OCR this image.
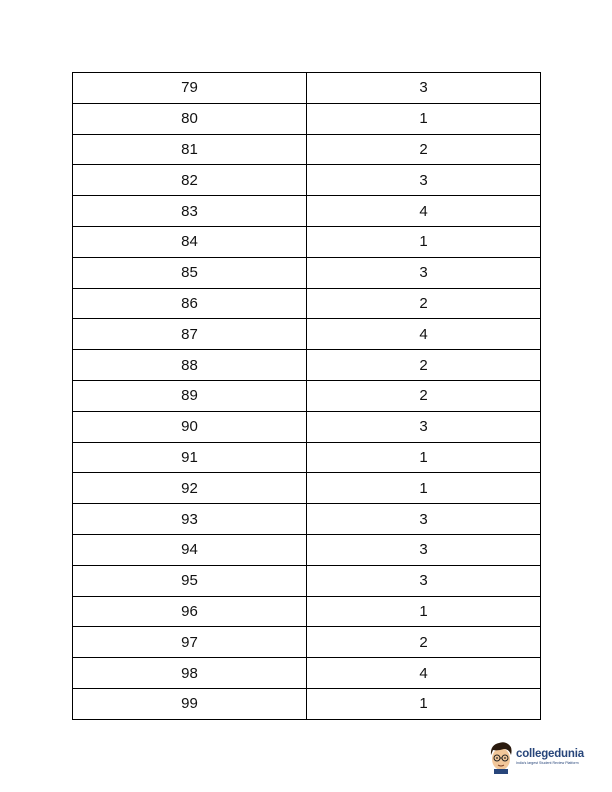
79	3
80	1
81	2
82	3
83	4
84	1
85	3
86	2
87	4
88	2
89	2
90	3
91	1
92	1
93	3
94	3
95	3
96	1
97	2
98	4
99	1
collegedunia
India's largest Student Review Platform
